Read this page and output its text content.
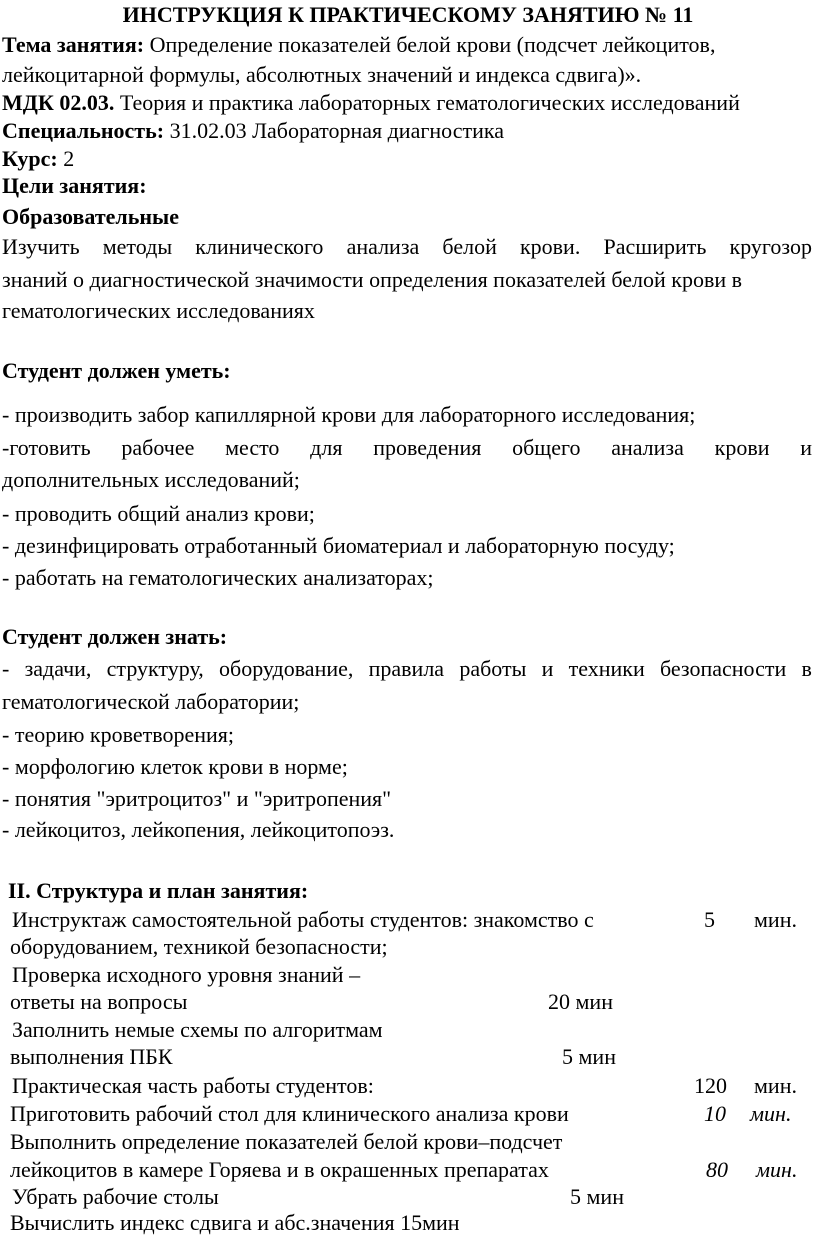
ИНСТРУКЦИЯ К ПРАКТИЧЕСКОМУ ЗАНЯТИЮ № 11
Тема занятия: Определение показателей белой крови (подсчет лейкоцитов,
лейкоцитарной формулы, абсолютных значений и индекса сдвига)».
МДК 02.03. Теория и практика лабораторных гематологических исследований
Специальность: 31.02.03 Лабораторная диагностика
Курс: 2
Цели занятия:
Образовательные
Изучить методы клинического анализа белой крови. Расширить кругозор
знаний о диагностической значимости определения показателей белой крови в
гематологических исследованиях
Студент должен уметь:
- производить забор капиллярной крови для лабораторного исследования;
-готовить рабочее место для проведения общего анализа крови и
дополнительных исследований;
- проводить общий анализ крови;
- дезинфицировать отработанный биоматериал и лабораторную посуду;
- работать на гематологических анализаторах;
Студент должен знать:
- задачи, структуру, оборудование, правила работы и техники безопасности в
гематологической лаборатории;
- теорию кроветворения;
- морфологию клеток крови в норме;
- понятия "эритроцитоз" и "эритропения"
- лейкоцитоз, лейкопения, лейкоцитопоэз.
II. Структура и план занятия:
Инструктаж самостоятельной работы студентов: знакомство с	5 мин.
оборудованием, техникой безопасности;
Проверка исходного уровня знаний –
ответы на вопросы	20 мин
Заполнить немые схемы по алгоритмам
выполнения ПБК	5 мин
Практическая часть работы студентов:	120 мин.
Приготовить рабочий стол для клинического анализа крови	10 мин.
Выполнить определение показателей белой крови–подсчет
лейкоцитов в камере Горяева и в окрашенных препаратах	80 мин.
Убрать рабочие столы	5 мин
Вычислить индекс сдвига и абс.значения 15мин
